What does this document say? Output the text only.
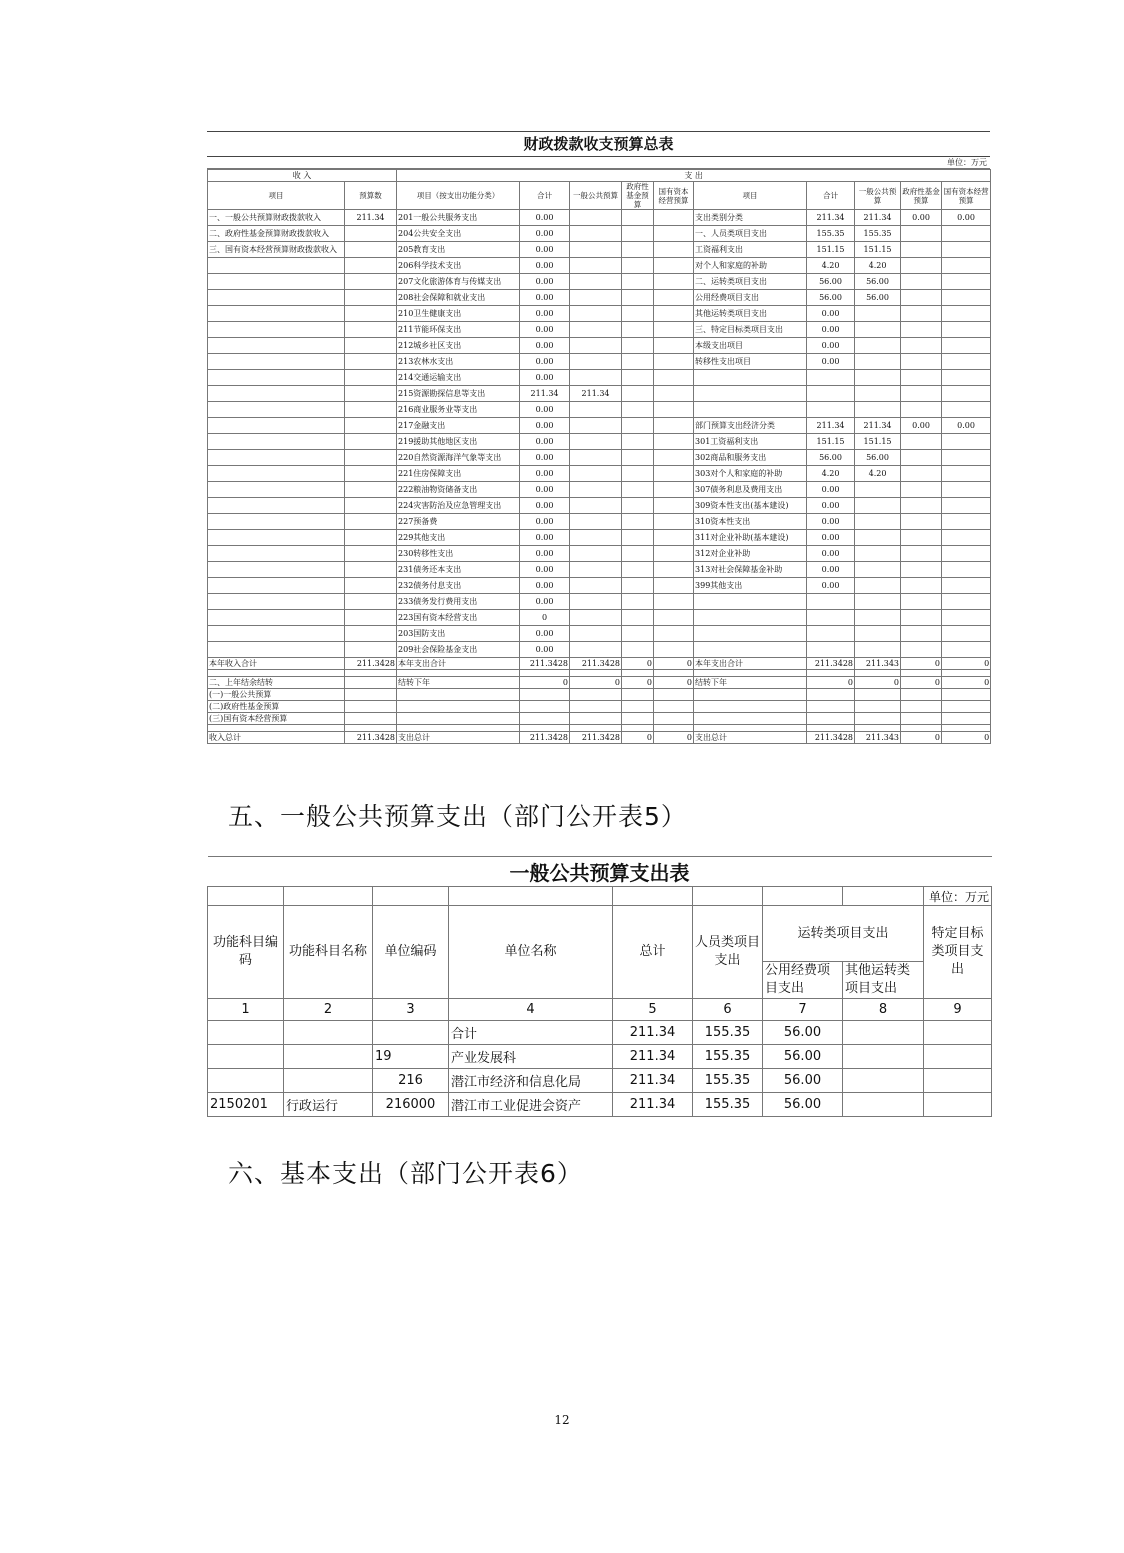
财政拨款收支预算总表
单位：万元
收 入		支 出									
项目	预算数	项目（按支出功能分类）	合计	一般公共预算	政府性基金预算	国有资本经营预算	项目	合计	一般公共预算	政府性基金预算	国有资本经营预算
一、一般公共预算财政拨款收入	211.34	201一般公共服务支出	0.00				支出类别分类	211.34	211.34	0.00	0.00
二、政府性基金预算财政拨款收入		204公共安全支出	0.00				一、人员类项目支出	155.35	155.35		
三、国有资本经营预算财政拨款收入		205教育支出	0.00				工资福利支出	151.15	151.15		
		206科学技术支出	0.00				对个人和家庭的补助	4.20	4.20		
		207文化旅游体育与传媒支出	0.00				二、运转类项目支出	56.00	56.00		
		208社会保障和就业支出	0.00				公用经费项目支出	56.00	56.00		
		210卫生健康支出	0.00				其他运转类项目支出	0.00			
		211节能环保支出	0.00				三、特定目标类项目支出	0.00			
		212城乡社区支出	0.00				本级支出项目	0.00			
		213农林水支出	0.00				转移性支出项目	0.00			
		214交通运输支出	0.00								
		215资源勘探信息等支出	211.34	211.34							
		216商业服务业等支出	0.00								
		217金融支出	0.00				部门预算支出经济分类	211.34	211.34	0.00	0.00
		219援助其他地区支出	0.00				301工资福利支出	151.15	151.15		
		220自然资源海洋气象等支出	0.00				302商品和服务支出	56.00	56.00		
		221住房保障支出	0.00				303对个人和家庭的补助	4.20	4.20		
		222粮油物资储备支出	0.00				307债务利息及费用支出	0.00			
		224灾害防治及应急管理支出	0.00				309资本性支出(基本建设)	0.00			
		227预备费	0.00				310资本性支出	0.00			
		229其他支出	0.00				311对企业补助(基本建设)	0.00			
		230转移性支出	0.00				312对企业补助	0.00			
		231债务还本支出	0.00				313对社会保障基金补助	0.00			
		232债务付息支出	0.00				399其他支出	0.00			
		233债务发行费用支出	0.00								
		223国有资本经营支出	0								
		203国防支出	0.00								
		209社会保险基金支出	0.00								
本年收入合计	211.3428	本年支出合计	211.3428	211.3428	0	0	本年支出合计	211.3428	211.343	0	0

二、上年结余结转		结转下年	0	0	0	0	结转下年	0	0	0	0
(一)一般公共预算											
(二)政府性基金预算											
(三)国有资本经营预算											

收入总计	211.3428	支出总计	211.3428	211.3428	0	0	支出总计	211.3428	211.343	0	0
五、一般公共预算支出（部门公开表5）
一般公共预算支出表								
								单位：万元
功能科目编码	功能科目名称	单位编码	单位名称	总计	人员类项目支出	运转类项目支出		特定目标类项目支出
						公用经费项目支出	其他运转类项目支出	
1	2	3	4	5	6	7	8	9
			合计	211.34	155.35	56.00		
		19	产业发展科	211.34	155.35	56.00		
		216	潜江市经济和信息化局	211.34	155.35	56.00		
2150201	行政运行	216000	潜江市工业促进会资产	211.34	155.35	56.00		
六、基本支出（部门公开表6）
12
